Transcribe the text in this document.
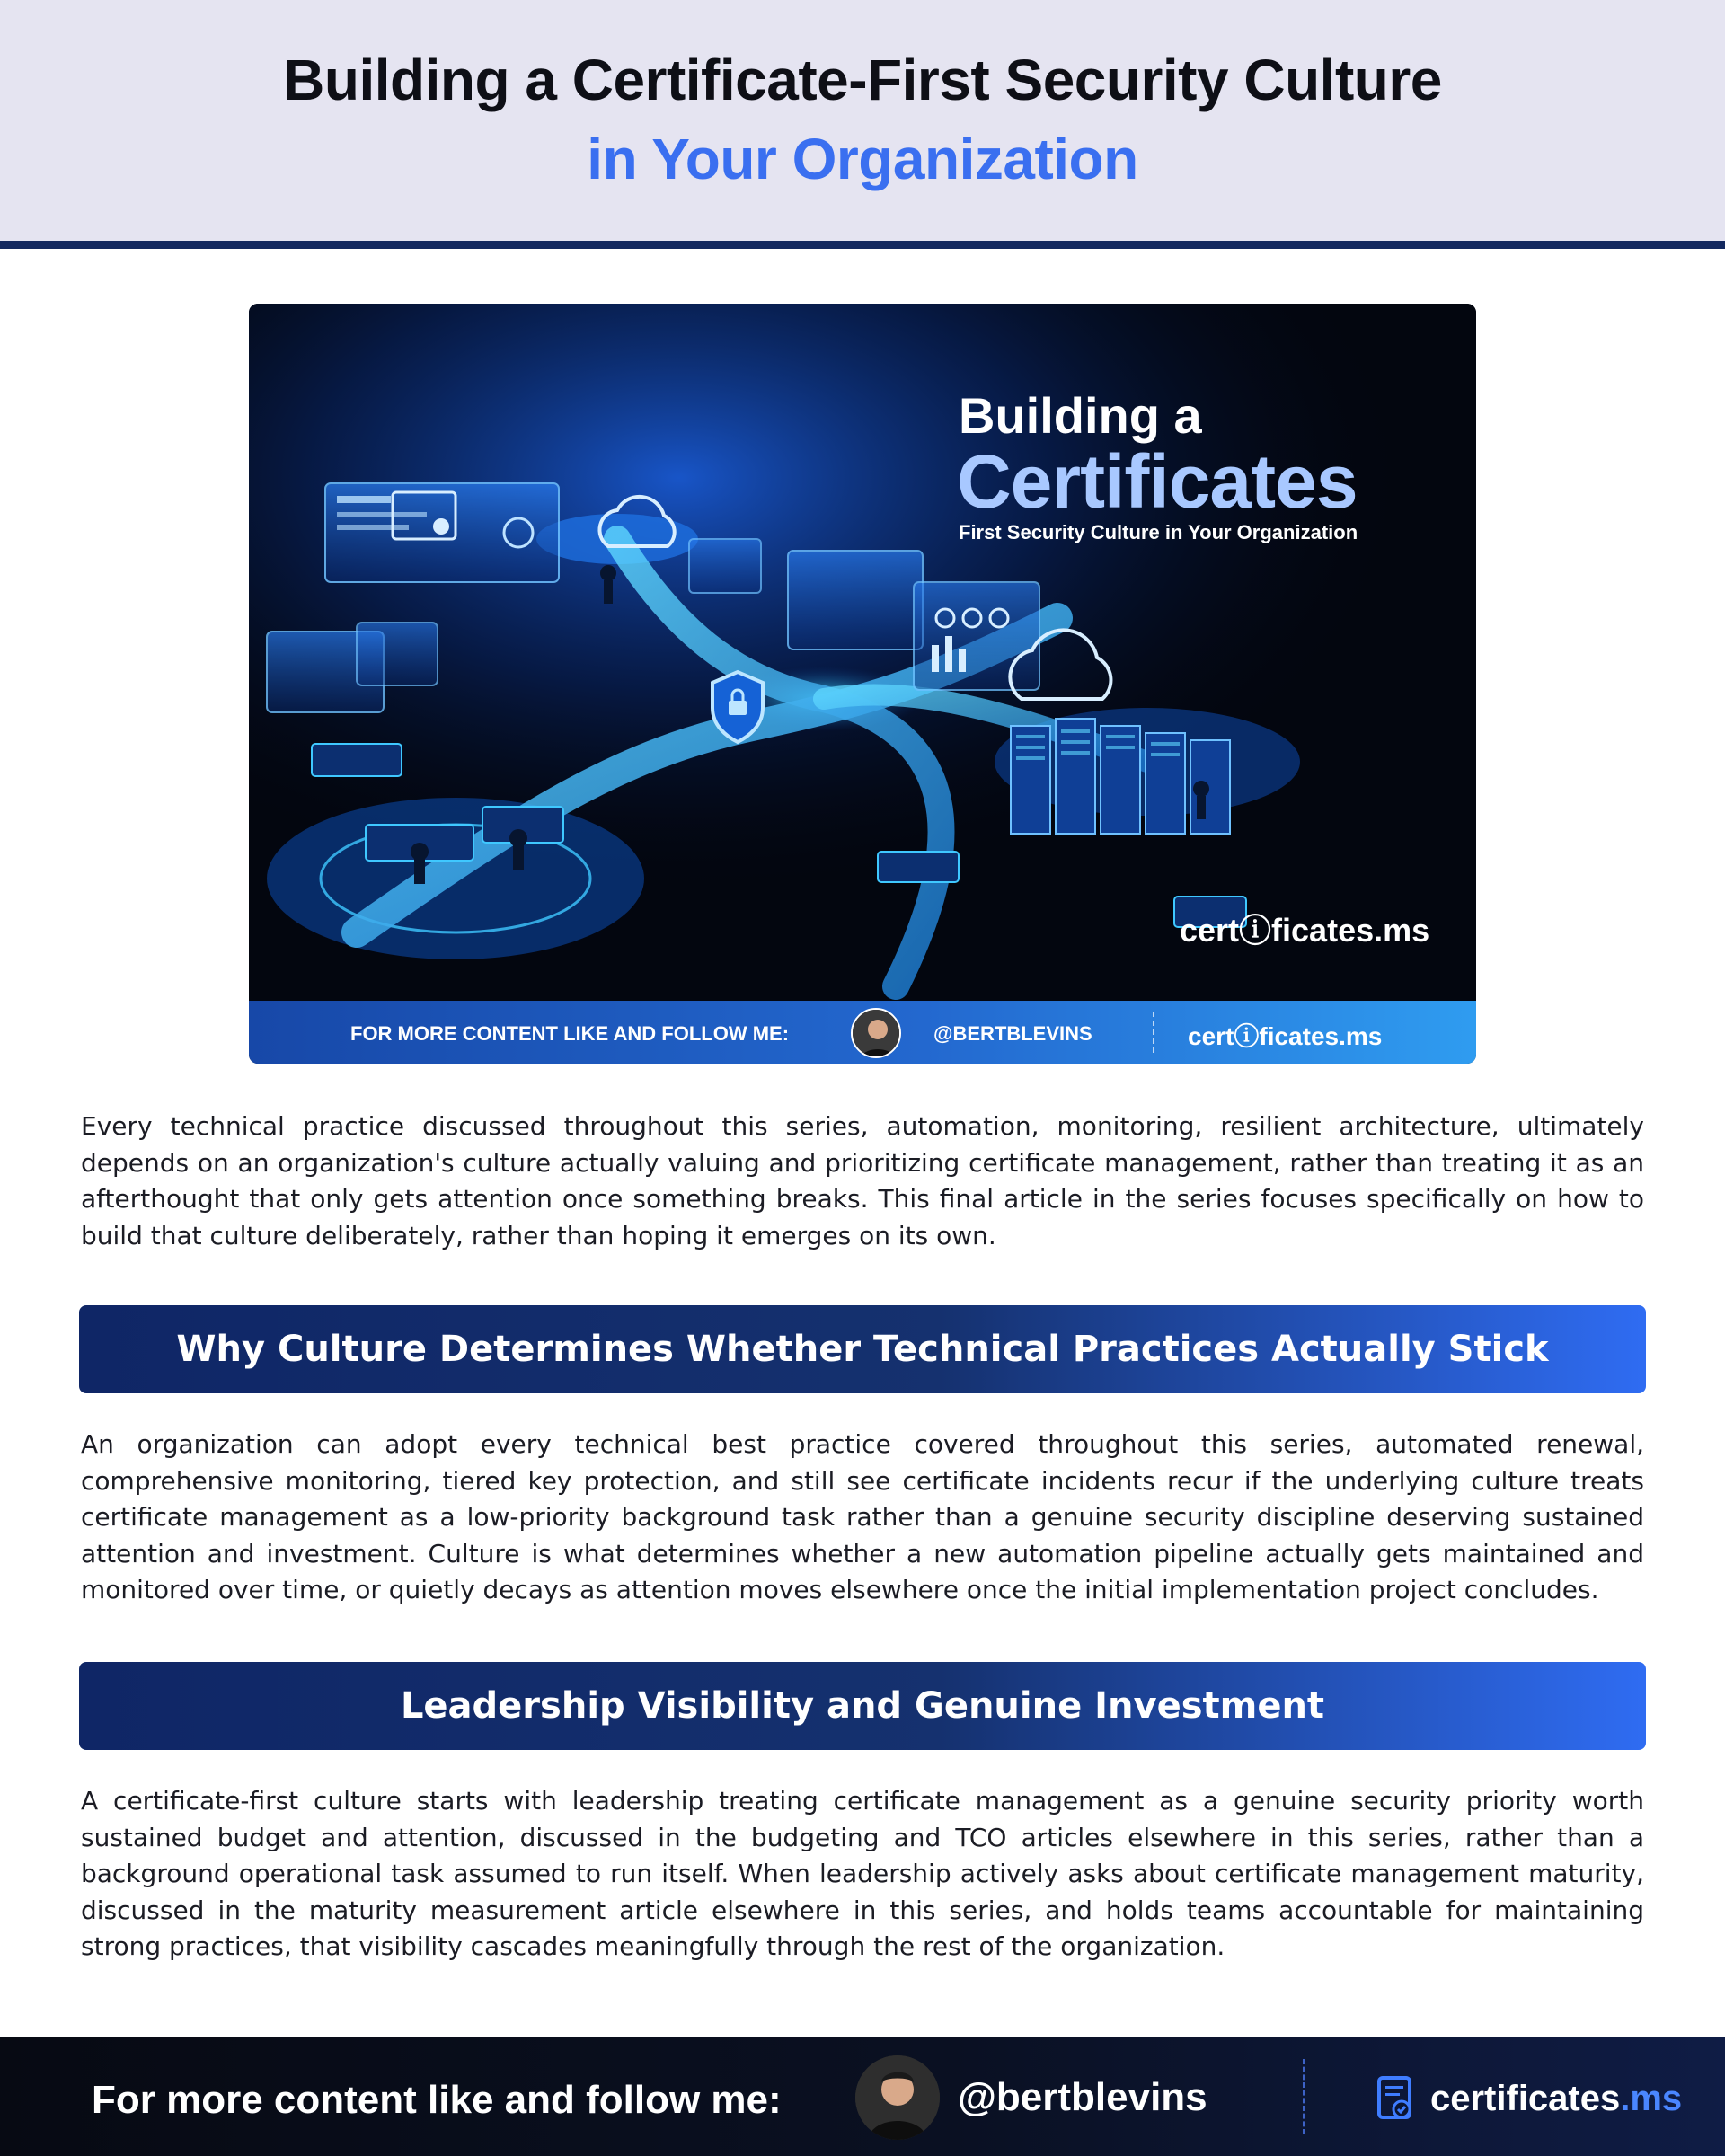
Building a Certificate-First Security Culture
in Your Organization
Building a
Certificates
First Security Culture in Your Organization
certⓘficates.ms
FOR MORE CONTENT LIKE AND FOLLOW ME:	@BERTBLEVINS	certⓘficates.ms

Every technical practice discussed throughout this series, automation, monitoring, resilient architecture, ultimately depends on an organization's culture actually valuing and prioritizing certificate management, rather than treating it as an afterthought that only gets attention once something breaks. This final article in the series focuses specifically on how to build that culture deliberately, rather than hoping it emerges on its own.

Why Culture Determines Whether Technical Practices Actually Stick

An organization can adopt every technical best practice covered throughout this series, automated renewal, comprehensive monitoring, tiered key protection, and still see certificate incidents recur if the underlying culture treats certificate management as a low-priority background task rather than a genuine security discipline deserving sustained attention and investment. Culture is what determines whether a new automation pipeline actually gets maintained and monitored over time, or quietly decays as attention moves elsewhere once the initial implementation project concludes.

Leadership Visibility and Genuine Investment

A certificate-first culture starts with leadership treating certificate management as a genuine security priority worth sustained budget and attention, discussed in the budgeting and TCO articles elsewhere in this series, rather than a background operational task assumed to run itself. When leadership actively asks about certificate management maturity, discussed in the maturity measurement article elsewhere in this series, and holds teams accountable for maintaining strong practices, that visibility cascades meaningfully through the rest of the organization.

For more content like and follow me:	@bertblevins	certificates.ms
